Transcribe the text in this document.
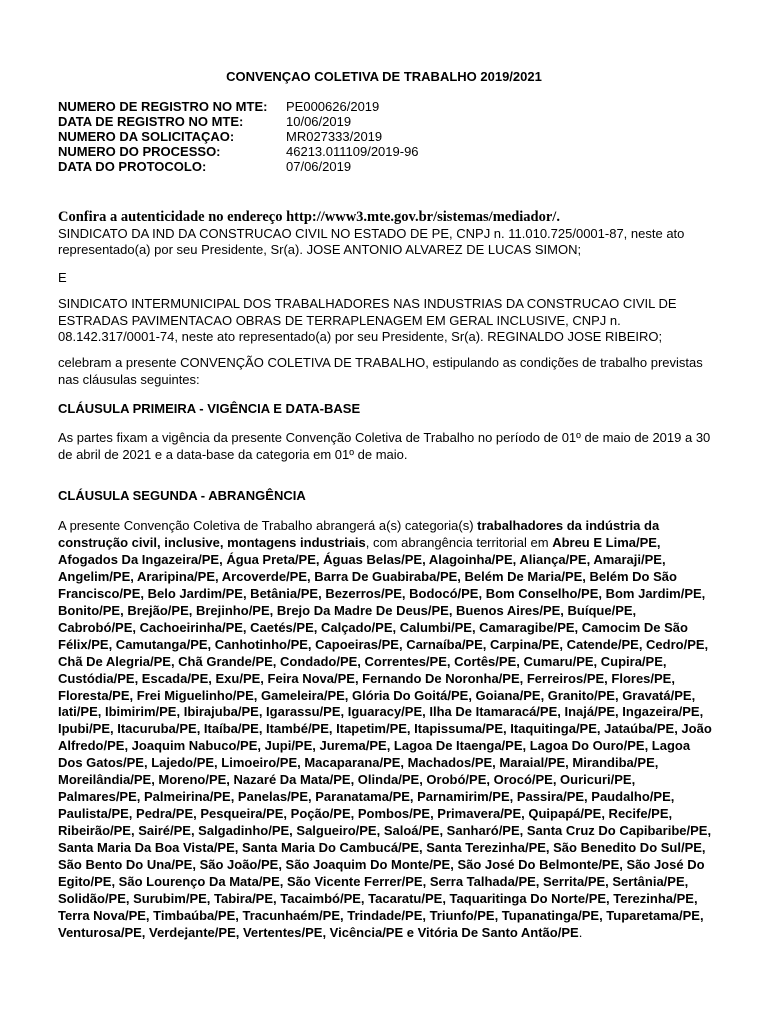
CONVENÇAO COLETIVA DE TRABALHO 2019/2021
NUMERO DE REGISTRO NO MTE:	PE000626/2019
DATA DE REGISTRO NO MTE:	10/06/2019
NUMERO DA SOLICITAÇAO:	MR027333/2019
NUMERO DO PROCESSO:	46213.011109/2019-96
DATA DO PROTOCOLO:	07/06/2019
Confira a autenticidade no endereço http://www3.mte.gov.br/sistemas/mediador/.
SINDICATO DA IND DA CONSTRUCAO CIVIL NO ESTADO DE PE, CNPJ n. 11.010.725/0001-87, neste ato representado(a) por seu Presidente, Sr(a). JOSE ANTONIO ALVAREZ DE LUCAS SIMON;
E
SINDICATO INTERMUNICIPAL DOS TRABALHADORES NAS INDUSTRIAS DA CONSTRUCAO CIVIL DE ESTRADAS PAVIMENTACAO OBRAS DE TERRAPLENAGEM EM GERAL INCLUSIVE, CNPJ n. 08.142.317/0001-74, neste ato representado(a) por seu Presidente, Sr(a). REGINALDO JOSE RIBEIRO;
celebram a presente CONVENÇÃO COLETIVA DE TRABALHO, estipulando as condições de trabalho previstas nas cláusulas seguintes:
CLÁUSULA PRIMEIRA - VIGÊNCIA E DATA-BASE
As partes fixam a vigência da presente Convenção Coletiva de Trabalho no período de 01º de maio de 2019 a 30 de abril de 2021 e a data-base da categoria em 01º de maio.
CLÁUSULA SEGUNDA - ABRANGÊNCIA
A presente Convenção Coletiva de Trabalho abrangerá a(s) categoria(s) trabalhadores da indústria da construção civil, inclusive, montagens industriais, com abrangência territorial em Abreu E Lima/PE, Afogados Da Ingazeira/PE, Água Preta/PE, Águas Belas/PE, Alagoinha/PE, Aliança/PE, Amaraji/PE, Angelim/PE, Araripina/PE, Arcoverde/PE, Barra De Guabiraba/PE, Belém De Maria/PE, Belém Do São Francisco/PE, Belo Jardim/PE, Betânia/PE, Bezerros/PE, Bodocó/PE, Bom Conselho/PE, Bom Jardim/PE, Bonito/PE, Brejão/PE, Brejinho/PE, Brejo Da Madre De Deus/PE, Buenos Aires/PE, Buíque/PE, Cabrobó/PE, Cachoeirinha/PE, Caetés/PE, Calçado/PE, Calumbi/PE, Camaragibe/PE, Camocim De São Félix/PE, Camutanga/PE, Canhotinho/PE, Capoeiras/PE, Carnaíba/PE, Carpina/PE, Catende/PE, Cedro/PE, Chã De Alegria/PE, Chã Grande/PE, Condado/PE, Correntes/PE, Cortês/PE, Cumaru/PE, Cupira/PE, Custódia/PE, Escada/PE, Exu/PE, Feira Nova/PE, Fernando De Noronha/PE, Ferreiros/PE, Flores/PE, Floresta/PE, Frei Miguelinho/PE, Gameleira/PE, Glória Do Goitá/PE, Goiana/PE, Granito/PE, Gravatá/PE, Iati/PE, Ibimirim/PE, Ibirajuba/PE, Igarassu/PE, Iguaracy/PE, Ilha De Itamaracá/PE, Inajá/PE, Ingazeira/PE, Ipubi/PE, Itacuruba/PE, Itaíba/PE, Itambé/PE, Itapetim/PE, Itapissuma/PE, Itaquitinga/PE, Jataúba/PE, João Alfredo/PE, Joaquim Nabuco/PE, Jupi/PE, Jurema/PE, Lagoa De Itaenga/PE, Lagoa Do Ouro/PE, Lagoa Dos Gatos/PE, Lajedo/PE, Limoeiro/PE, Macaparana/PE, Machados/PE, Maraial/PE, Mirandiba/PE, Moreilândia/PE, Moreno/PE, Nazaré Da Mata/PE, Olinda/PE, Orobó/PE, Orocó/PE, Ouricuri/PE, Palmares/PE, Palmeirina/PE, Panelas/PE, Paranatama/PE, Parnamirim/PE, Passira/PE, Paudalho/PE, Paulista/PE, Pedra/PE, Pesqueira/PE, Poção/PE, Pombos/PE, Primavera/PE, Quipapá/PE, Recife/PE, Ribeirão/PE, Sairé/PE, Salgadinho/PE, Salgueiro/PE, Saloá/PE, Sanharó/PE, Santa Cruz Do Capibaribe/PE, Santa Maria Da Boa Vista/PE, Santa Maria Do Cambucá/PE, Santa Terezinha/PE, São Benedito Do Sul/PE, São Bento Do Una/PE, São João/PE, São Joaquim Do Monte/PE, São José Do Belmonte/PE, São José Do Egito/PE, São Lourenço Da Mata/PE, São Vicente Ferrer/PE, Serra Talhada/PE, Serrita/PE, Sertânia/PE, Solidão/PE, Surubim/PE, Tabira/PE, Tacaimbó/PE, Tacaratu/PE, Taquaritinga Do Norte/PE, Terezinha/PE, Terra Nova/PE, Timbaúba/PE, Tracunhaém/PE, Trindade/PE, Triunfo/PE, Tupanatinga/PE, Tuparetama/PE, Venturosa/PE, Verdejante/PE, Vertentes/PE, Vicência/PE e Vitória De Santo Antão/PE.
